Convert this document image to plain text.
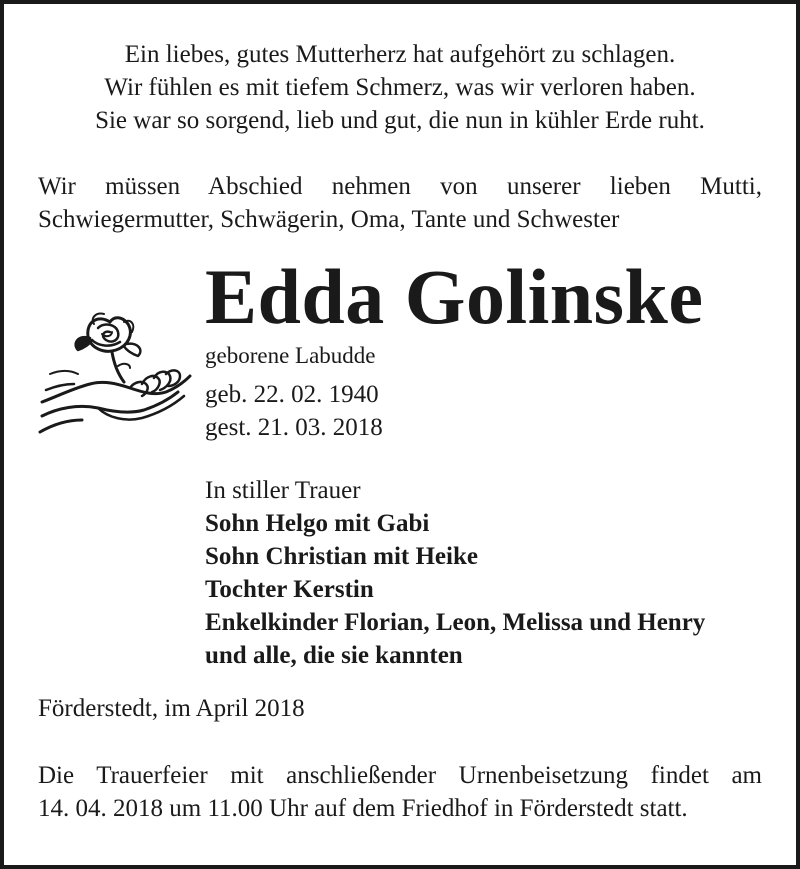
Ein liebes, gutes Mutterherz hat aufgehört zu schlagen.
Wir fühlen es mit tiefem Schmerz, was wir verloren haben.
Sie war so sorgend, lieb und gut, die nun in kühler Erde ruht.
Wir müssen Abschied nehmen von unserer lieben Mutti,
Schwiegermutter, Schwägerin, Oma, Tante und Schwester
Edda Golinske
geborene Labudde
geb. 22. 02. 1940
gest. 21. 03. 2018
In stiller Trauer
Sohn Helgo mit Gabi
Sohn Christian mit Heike
Tochter Kerstin
Enkelkinder Florian, Leon, Melissa und Henry
und alle, die sie kannten
Förderstedt, im April 2018
Die Trauerfeier mit anschließender Urnenbeisetzung findet am
14. 04. 2018 um 11.00 Uhr auf dem Friedhof in Förderstedt statt.
